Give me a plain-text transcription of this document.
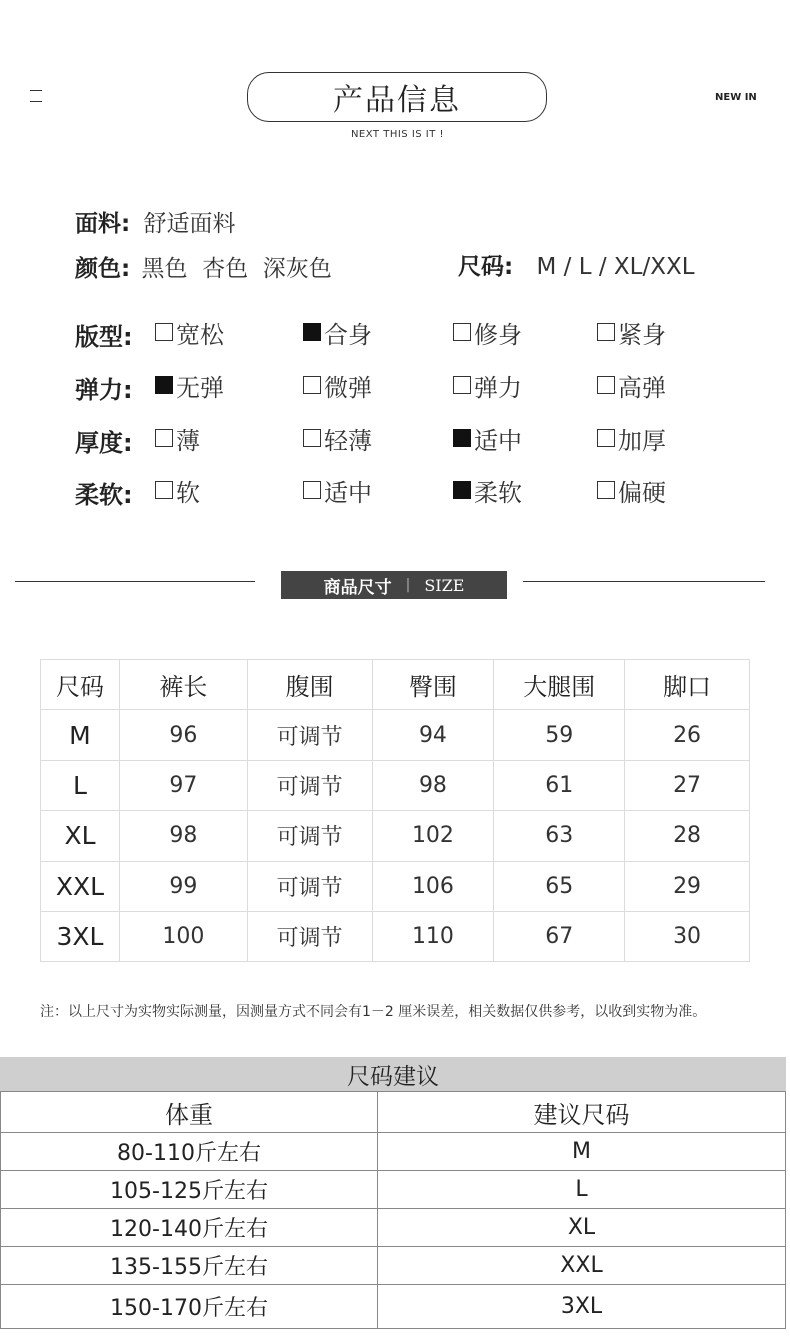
产品信息
NEXT THIS IS IT !
NEW IN
面料: 舒适面料
颜色: 黑色  杏色  深灰色	尺码: M / L / XL/XXL
版型: 宽松	合身	修身	紧身
弹力: 无弹	微弹	弹力	高弹
厚度: 薄	轻薄	适中	加厚
柔软: 软	适中	柔软	偏硬
商品尺寸 | SIZE
尺码	裤长	腹围	臀围	大腿围	脚口
M	96	可调节	94	59	26
L	97	可调节	98	61	27
XL	98	可调节	102	63	28
XXL	99	可调节	106	65	29
3XL	100	可调节	110	67	30
注：以上尺寸为实物实际测量，因测量方式不同会有1－2 厘米误差，相关数据仅供参考，以收到实物为准。
尺码建议
体重	建议尺码
80-110斤左右	M
105-125斤左右	L
120-140斤左右	XL
135-155斤左右	XXL
150-170斤左右	3XL
